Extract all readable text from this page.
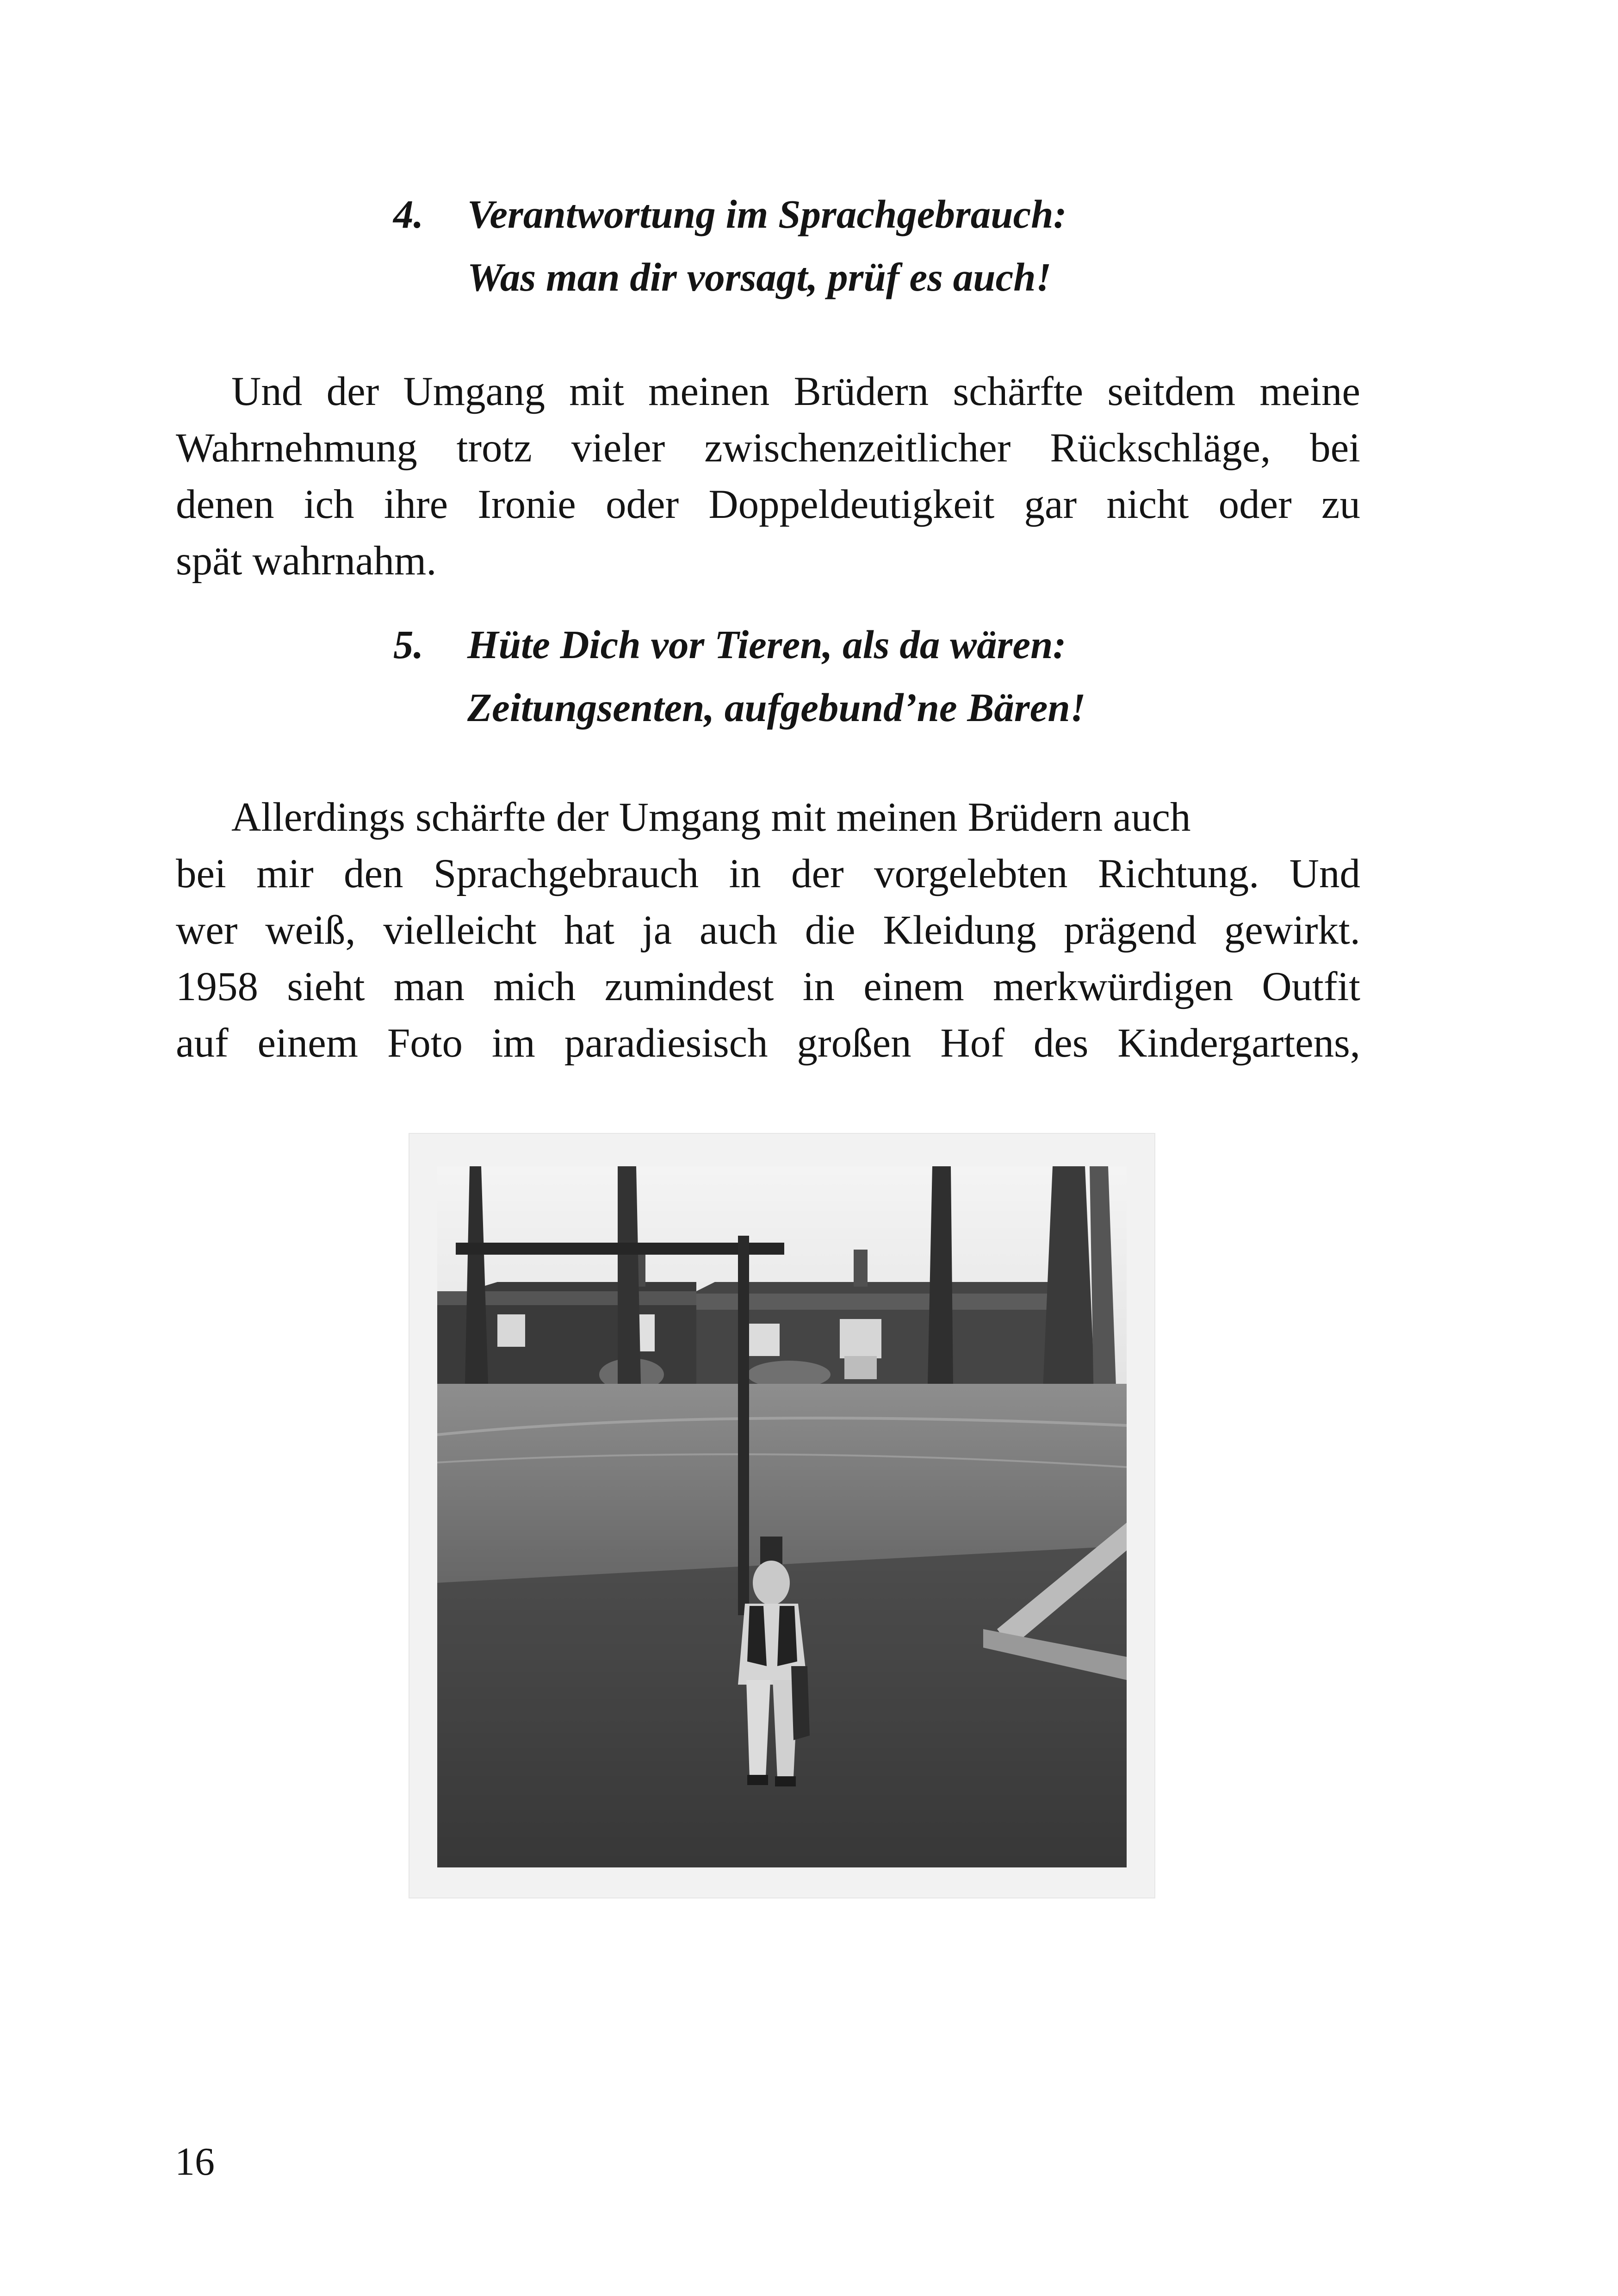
4. Verantwortung im Sprachgebrauch:
Was man dir vorsagt, prüf es auch!
Und der Umgang mit meinen Brüdern schärfte seitdem meine
Wahrnehmung trotz vieler zwischenzeitlicher Rückschläge, bei
denen ich ihre Ironie oder Doppeldeutigkeit gar nicht oder zu
spät wahrnahm.
5. Hüte Dich vor Tieren, als da wären:
Zeitungsenten, aufgebund’ne Bären!
Allerdings schärfte der Umgang mit meinen Brüdern auch
bei mir den Sprachgebrauch in der vorgelebten Richtung. Und
wer weiß, vielleicht hat ja auch die Kleidung prägend gewirkt.
1958 sieht man mich zumindest in einem merkwürdigen Outfit
auf einem Foto im paradiesisch großen Hof des Kindergartens,
16
